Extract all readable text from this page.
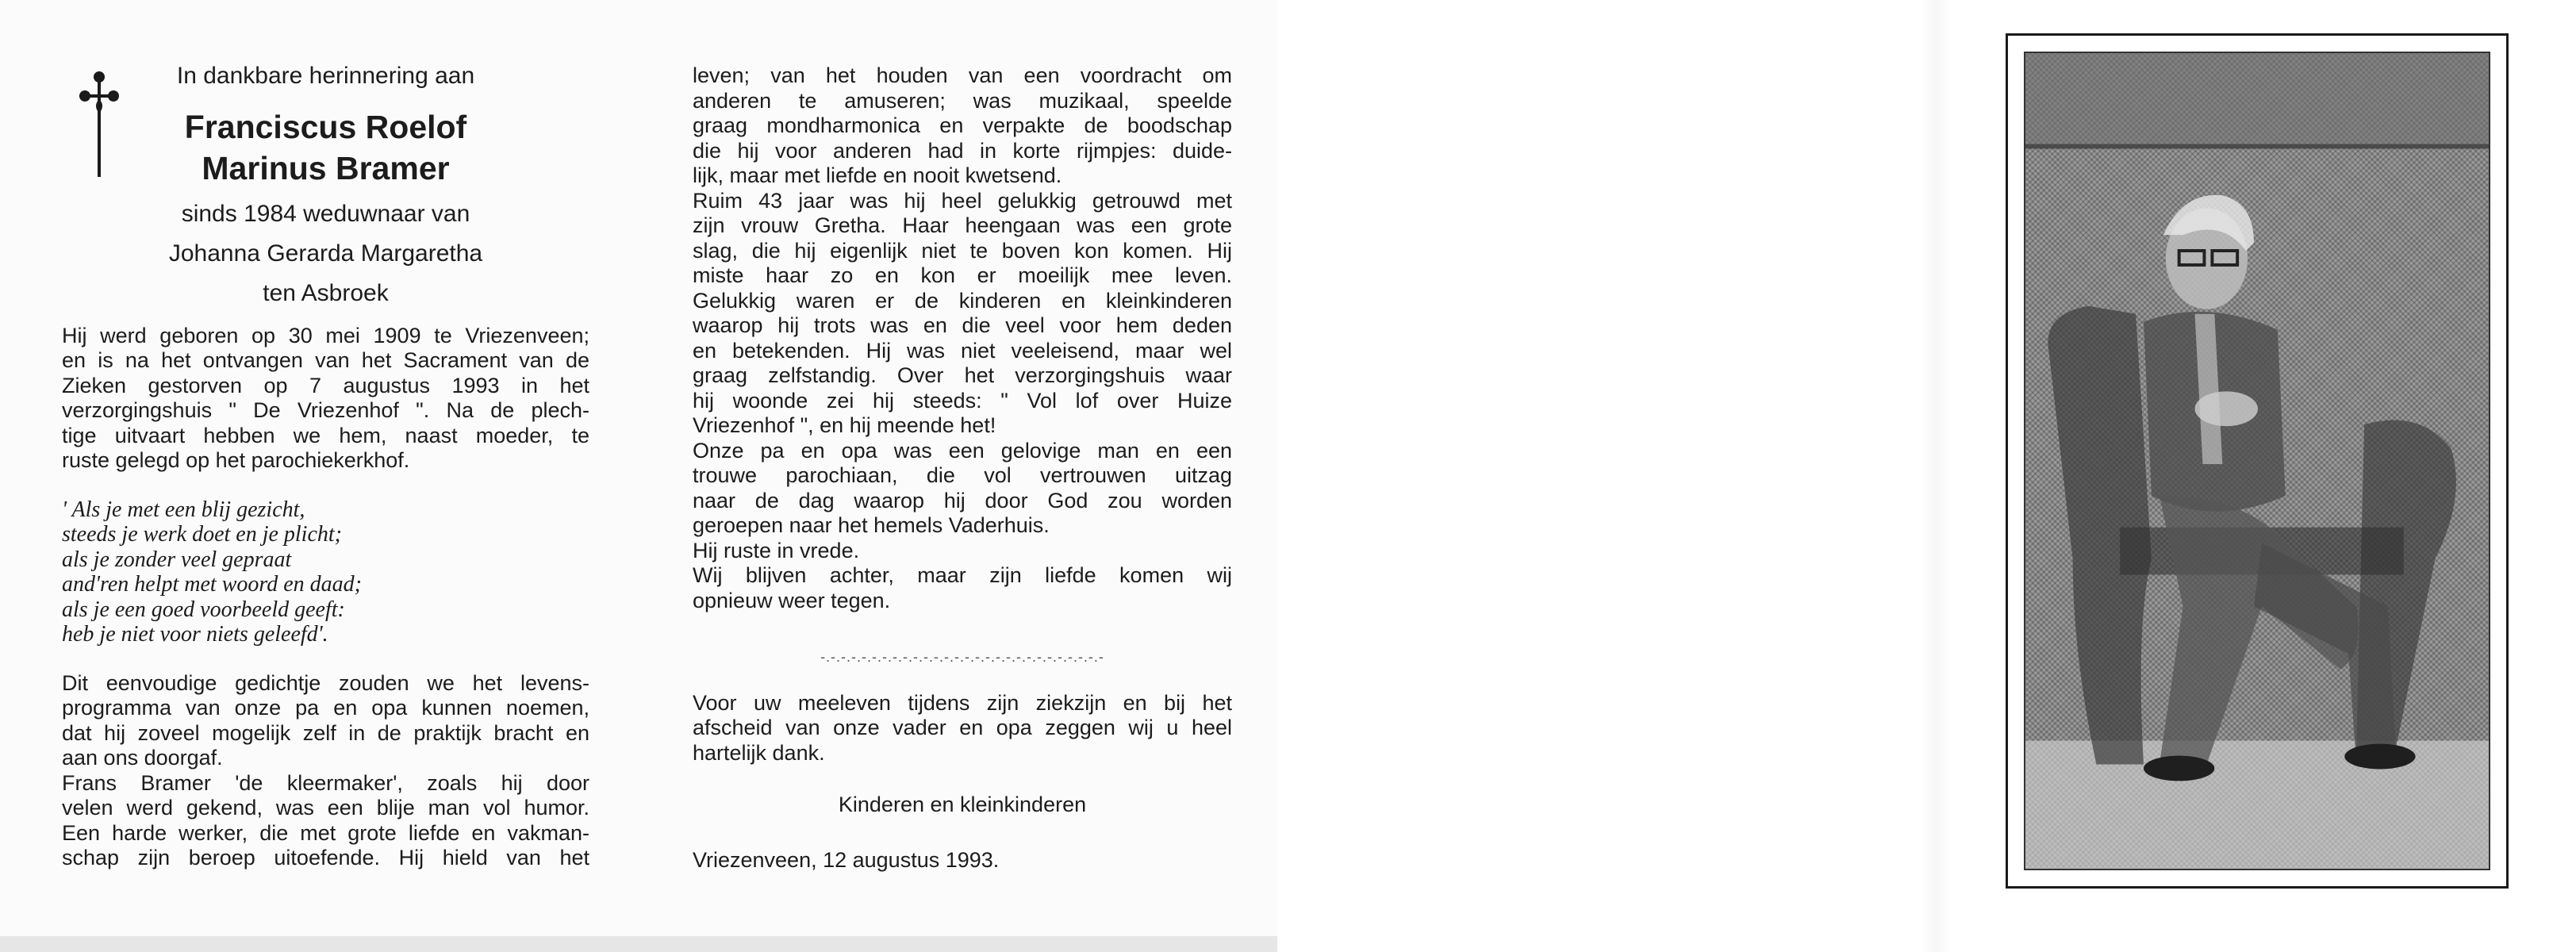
In dankbare herinnering aan
Franciscus Roelof
Marinus Bramer
sinds 1984 weduwnaar van
Johanna Gerarda Margaretha
ten Asbroek

Hij werd geboren op 30 mei 1909 te Vriezenveen;

en is na het ontvangen van het Sacrament van de

Zieken gestorven op 7 augustus 1993 in het

verzorgingshuis " De Vriezenhof ". Na de plech-

tige uitvaart hebben we hem, naast moeder, te

ruste gelegd op het parochiekerkhof.

' Als je met een blij gezicht,

steeds je werk doet en je plicht;

als je zonder veel gepraat

and'ren helpt met woord en daad;

als je een goed voorbeeld geeft:

heb je niet voor niets geleefd'.

Dit eenvoudige gedichtje zouden we het levens-

programma van onze pa en opa kunnen noemen,

dat hij zoveel mogelijk zelf in de praktijk bracht en

aan ons doorgaf.

Frans Bramer 'de kleermaker', zoals hij door

velen werd gekend, was een blije man vol humor.

Een harde werker, die met grote liefde en vakman-

schap zijn beroep uitoefende. Hij hield van het

leven; van het houden van een voordracht om

anderen te amuseren; was muzikaal, speelde

graag mondharmonica en verpakte de boodschap

die hij voor anderen had in korte rijmpjes: duide-

lijk, maar met liefde en nooit kwetsend.

Ruim 43 jaar was hij heel gelukkig getrouwd met

zijn vrouw Gretha. Haar heengaan was een grote

slag, die hij eigenlijk niet te boven kon komen. Hij

miste haar zo en kon er moeilijk mee leven.

Gelukkig waren er de kinderen en kleinkinderen

waarop hij trots was en die veel voor hem deden

en betekenden. Hij was niet veeleisend, maar wel

graag zelfstandig. Over het verzorgingshuis waar

hij woonde zei hij steeds: " Vol lof over Huize

Vriezenhof ", en hij meende het!

Onze pa en opa was een gelovige man en een

trouwe parochiaan, die vol vertrouwen uitzag

naar de dag waarop hij door God zou worden

geroepen naar het hemels Vaderhuis.

Hij ruste in vrede.

Wij blijven achter, maar zijn liefde komen wij

opnieuw weer tegen.

-.-.-.-.-.-.-.-.-.-.-.-.-.-.-.-.-.-.-.-.-.-.-.-.-.-.-.-

Voor uw meeleven tijdens zijn ziekzijn en bij het

afscheid van onze vader en opa zeggen wij u heel

hartelijk dank.

Kinderen en kleinkinderen
Vriezenveen, 12 augustus 1993.
